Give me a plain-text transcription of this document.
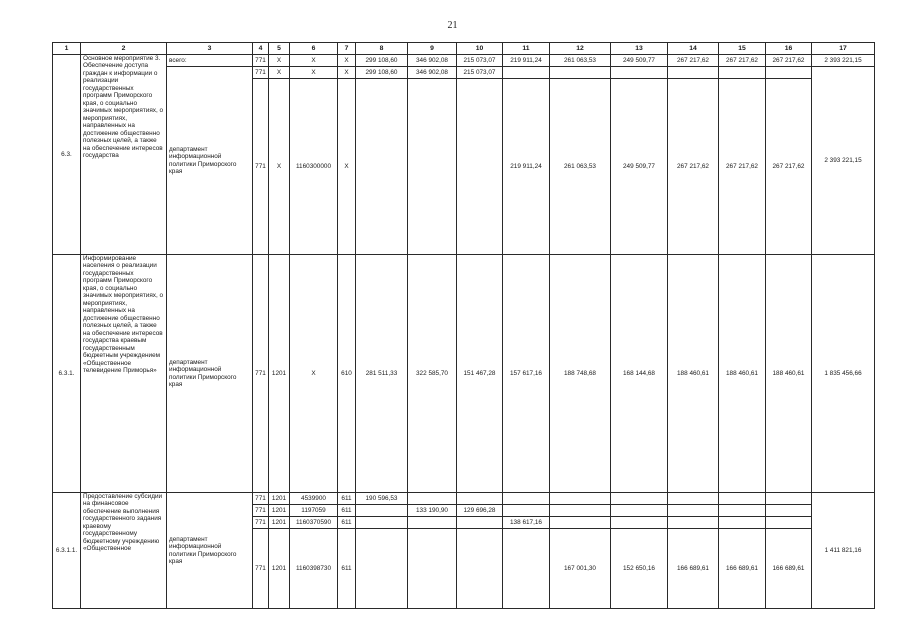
21
1	2	3	4	5	6	7	8	9	10	11	12	13	14	15	16	17
6.3.	Основное мероприятие 3. Обеспечение доступа граждан к информации о реализации государственных программ Приморского края, о социально значимых мероприятиях, о мероприятиях, направленных на достижение общественно полезных целей, а также на обеспечение интересов государства	всего:	771	X	X	X	299 108,60	346 902,08	215 073,07	219 911,24	261 063,53	249 509,77	267 217,62	267 217,62	267 217,62	2 393 221,15
		департамент информационной политики Приморского края	771	X	X	X	299 108,60	346 902,08	215 073,07							2 393 221,15
			771	X	1160300000	X				219 911,24	261 063,53	249 509,77	267 217,62	267 217,62	267 217,62	
6.3.1.	Информирование населения о реализации государственных программ Приморского края, о социально значимых мероприятиях, о мероприятиях, направленных на достижение общественно полезных целей, а также на обеспечение интересов государства краевым государственным бюджетным учреждением «Общественное телевидение Приморья»	департамент информационной политики Приморского края	771	1201	X	610	281 511,33	322 585,70	151 467,28	157 617,16	188 748,68	168 144,68	188 460,61	188 460,61	188 460,61	1 835 456,66
6.3.1.1.	Предоставление субсидии на финансовое обеспечение выполнения государственного задания краевому государственному бюджетному учреждению «Общественное	департамент информационной политики Приморского края	771	1201	4539900	611	190 596,53									1 411 821,16
			771	1201	1197059	611		133 190,90	129 696,28							
			771	1201	1160370590	611				138 617,16						
			771	1201	1160398730	611					167 001,30	152 650,16	166 689,61	166 689,61	166 689,61	
